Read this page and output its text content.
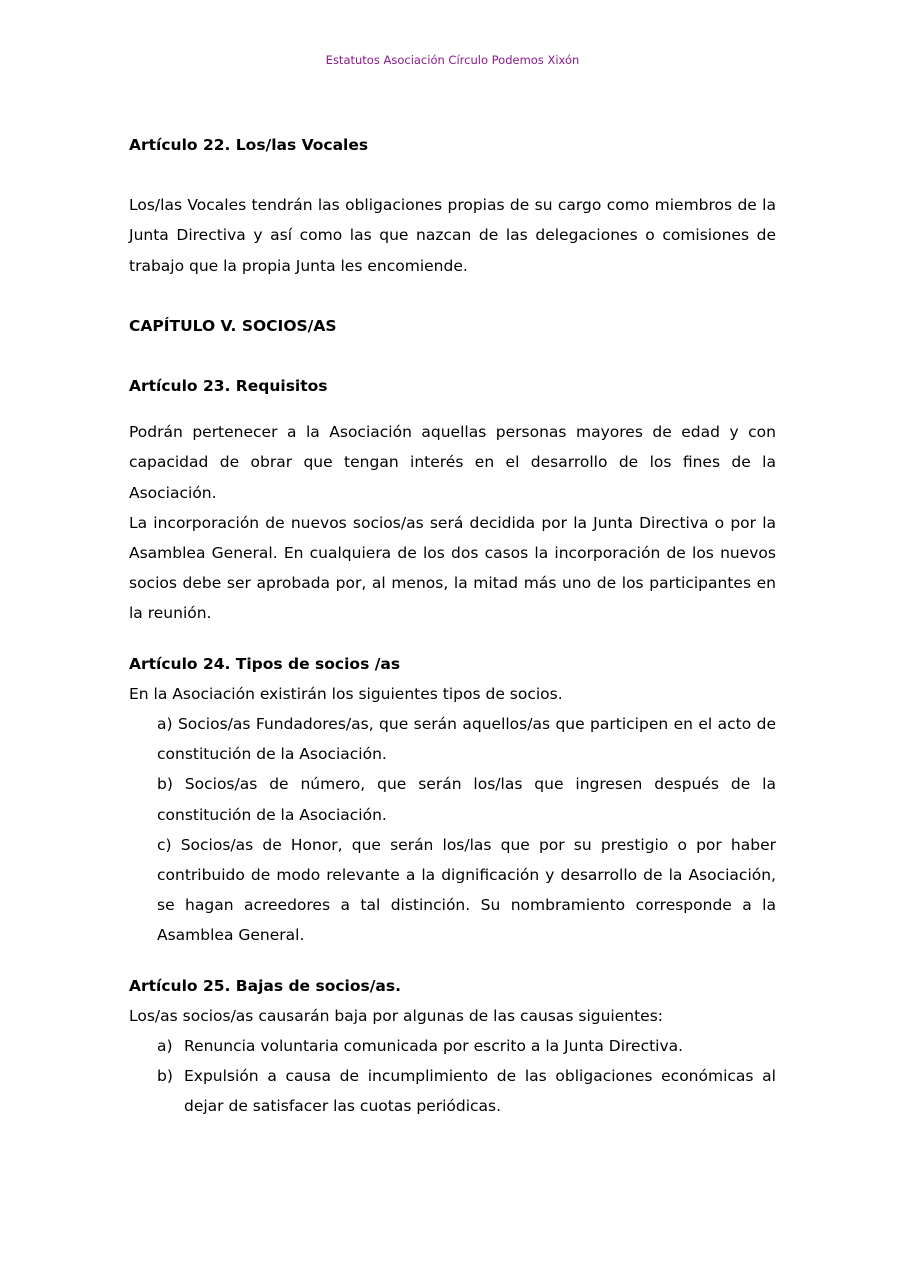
Estatutos Asociación Círculo Podemos Xixón
Artículo 22. Los/las Vocales

Los/las Vocales tendrán las obligaciones propias de su cargo como miembros de la Junta Directiva y así como las que nazcan de las delegaciones o comisiones de trabajo que la propia Junta les encomiende.

CAPÍTULO V. SOCIOS/AS
Artículo 23. Requisitos

Podrán pertenecer a la Asociación aquellas personas mayores de edad y con capacidad de obrar que tengan interés en el desarrollo de los fines de la Asociación.

La incorporación de nuevos socios/as será decidida por la Junta Directiva o por la Asamblea General. En cualquiera de los dos casos la incorporación de los nuevos socios debe ser aprobada por, al menos, la mitad más uno de los participantes en la reunión.

Artículo 24. Tipos de socios /as

En la Asociación existirán los siguientes tipos de socios.

a) Socios/as Fundadores/as, que serán aquellos/as que participen en el acto de constitución de la Asociación.
b) Socios/as de número, que serán los/las que ingresen después de la constitución de la Asociación.
c) Socios/as de Honor, que serán los/las que por su prestigio o por haber contribuido de modo relevante a la dignificación y desarrollo de la Asociación, se hagan acreedores a tal distinción. Su nombramiento corresponde a la Asamblea General.
Artículo 25. Bajas de socios/as.

Los/as socios/as causarán baja por algunas de las causas siguientes:

a) Renuncia voluntaria comunicada por escrito a la Junta Directiva.
b) Expulsión a causa de incumplimiento de las obligaciones económicas al dejar de satisfacer las cuotas periódicas.
